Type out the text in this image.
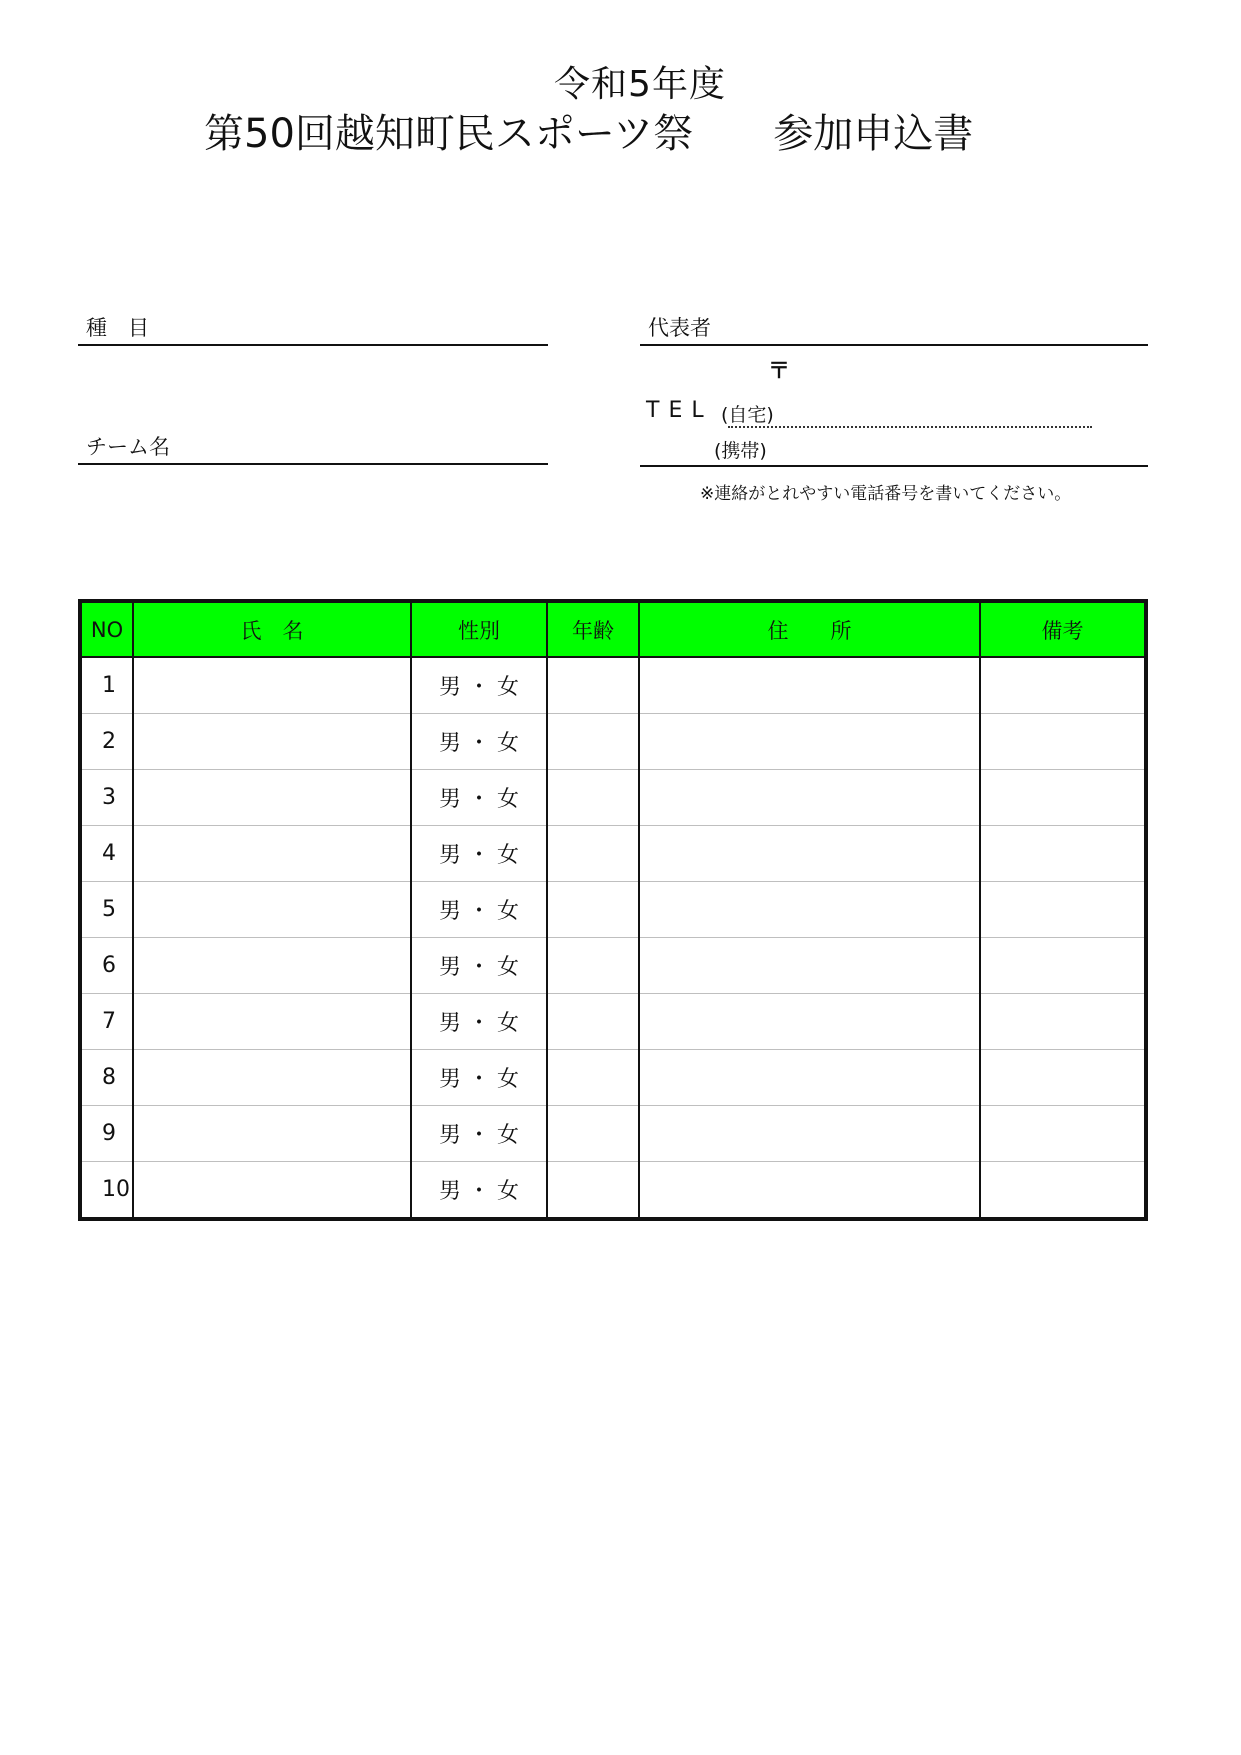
令和5年度
第50回越知町民スポーツ祭　　参加申込書
種　目
チーム名
代表者
〒
TEL (自宅)
(携帯)
※連絡がとれやすい電話番号を書いてください。
NO	氏　名	性別	年齢	住　　所	備考
1		男 ・ 女			
2		男 ・ 女			
3		男 ・ 女			
4		男 ・ 女			
5		男 ・ 女			
6		男 ・ 女			
7		男 ・ 女			
8		男 ・ 女			
9		男 ・ 女			
10		男 ・ 女			
